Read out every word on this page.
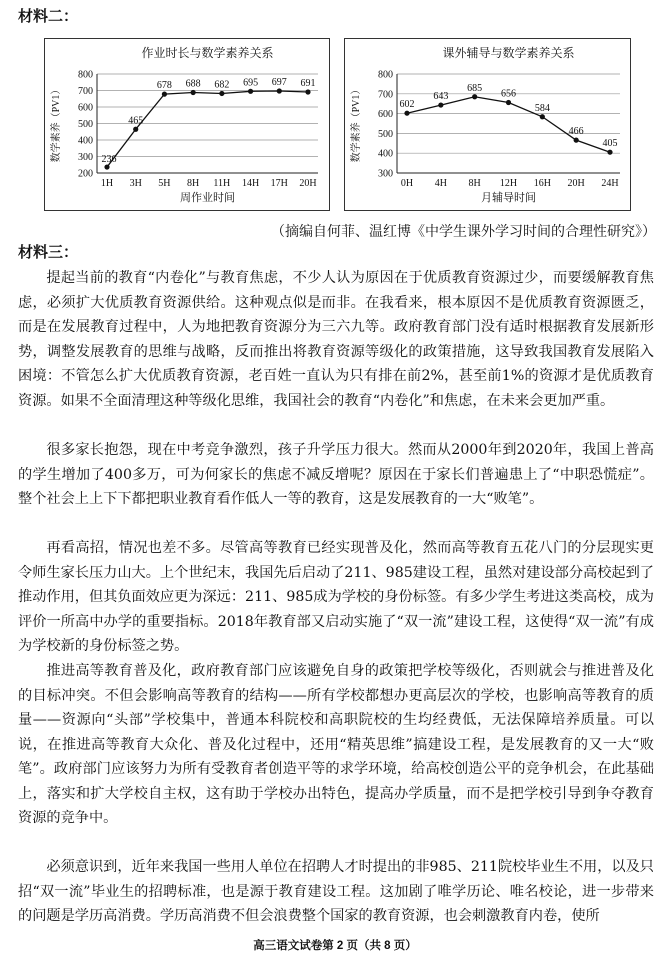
材料二：
作业时长与数学素养关系
200
300
400
500
600
700
800
1H 3H 5H 8H 11H 14H 17H 20H
周作业时间
数学素养（PV1）	236
465
678 688 682 695 697 691
课外辅导与数学素养关系
300
400
500
600
700
800
0H 4H 8H 12H 16H 20H 24H
月辅导时间
数学素养（PV1）	602
643
685
656
584
466
405
（摘编自何菲、温红博《中学生课外学习时间的合理性研究》）
材料三：

提起当前的教育“内卷化”与教育焦虑，不少人认为原因在于优质教育资源过少，而要缓解教育焦虑，必须扩大优质教育资源供给。这种观点似是而非。在我看来，根本原因不是优质教育资源匮乏，而是在发展教育过程中，人为地把教育资源分为三六九等。政府教育部门没有适时根据教育发展新形势，调整发展教育的思维与战略，反而推出将教育资源等级化的政策措施，这导致我国教育发展陷入困境：不管怎么扩大优质教育资源，老百姓一直认为只有排在前2%，甚至前1%的资源才是优质教育资源。如果不全面清理这种等级化思维，我国社会的教育“内卷化”和焦虑，在未来会更加严重。

很多家长抱怨，现在中考竞争激烈，孩子升学压力很大。然而从2000年到2020年，我国上普高的学生增加了400多万，可为何家长的焦虑不减反增呢？原因在于家长们普遍患上了“中职恐慌症”。整个社会上上下下都把职业教育看作低人一等的教育，这是发展教育的一大“败笔”。

再看高招，情况也差不多。尽管高等教育已经实现普及化，然而高等教育五花八门的分层现实更令师生家长压力山大。上个世纪末，我国先后启动了211、985建设工程，虽然对建设部分高校起到了推动作用，但其负面效应更为深远：211、985成为学校的身份标签。有多少学生考进这类高校，成为评价一所高中办学的重要指标。2018年教育部又启动实施了“双一流”建设工程，这使得“双一流”有成为学校新的身份标签之势。

推进高等教育普及化，政府教育部门应该避免自身的政策把学校等级化，否则就会与推进普及化的目标冲突。不但会影响高等教育的结构——所有学校都想办更高层次的学校，也影响高等教育的质量——资源向“头部”学校集中，普通本科院校和高职院校的生均经费低，无法保障培养质量。可以说，在推进高等教育大众化、普及化过程中，还用“精英思维”搞建设工程，是发展教育的又一大“败笔”。政府部门应该努力为所有受教育者创造平等的求学环境，给高校创造公平的竞争机会，在此基础上，落实和扩大学校自主权，这有助于学校办出特色，提高办学质量，而不是把学校引导到争夺教育资源的竞争中。

必须意识到，近年来我国一些用人单位在招聘人才时提出的非985、211院校毕业生不用，以及只招“双一流”毕业生的招聘标准，也是源于教育建设工程。这加剧了唯学历论、唯名校论，进一步带来的问题是学历高消费。学历高消费不但会浪费整个国家的教育资源，也会刺激教育内卷，使所

高三语文试卷第 2 页（共 8 页）
